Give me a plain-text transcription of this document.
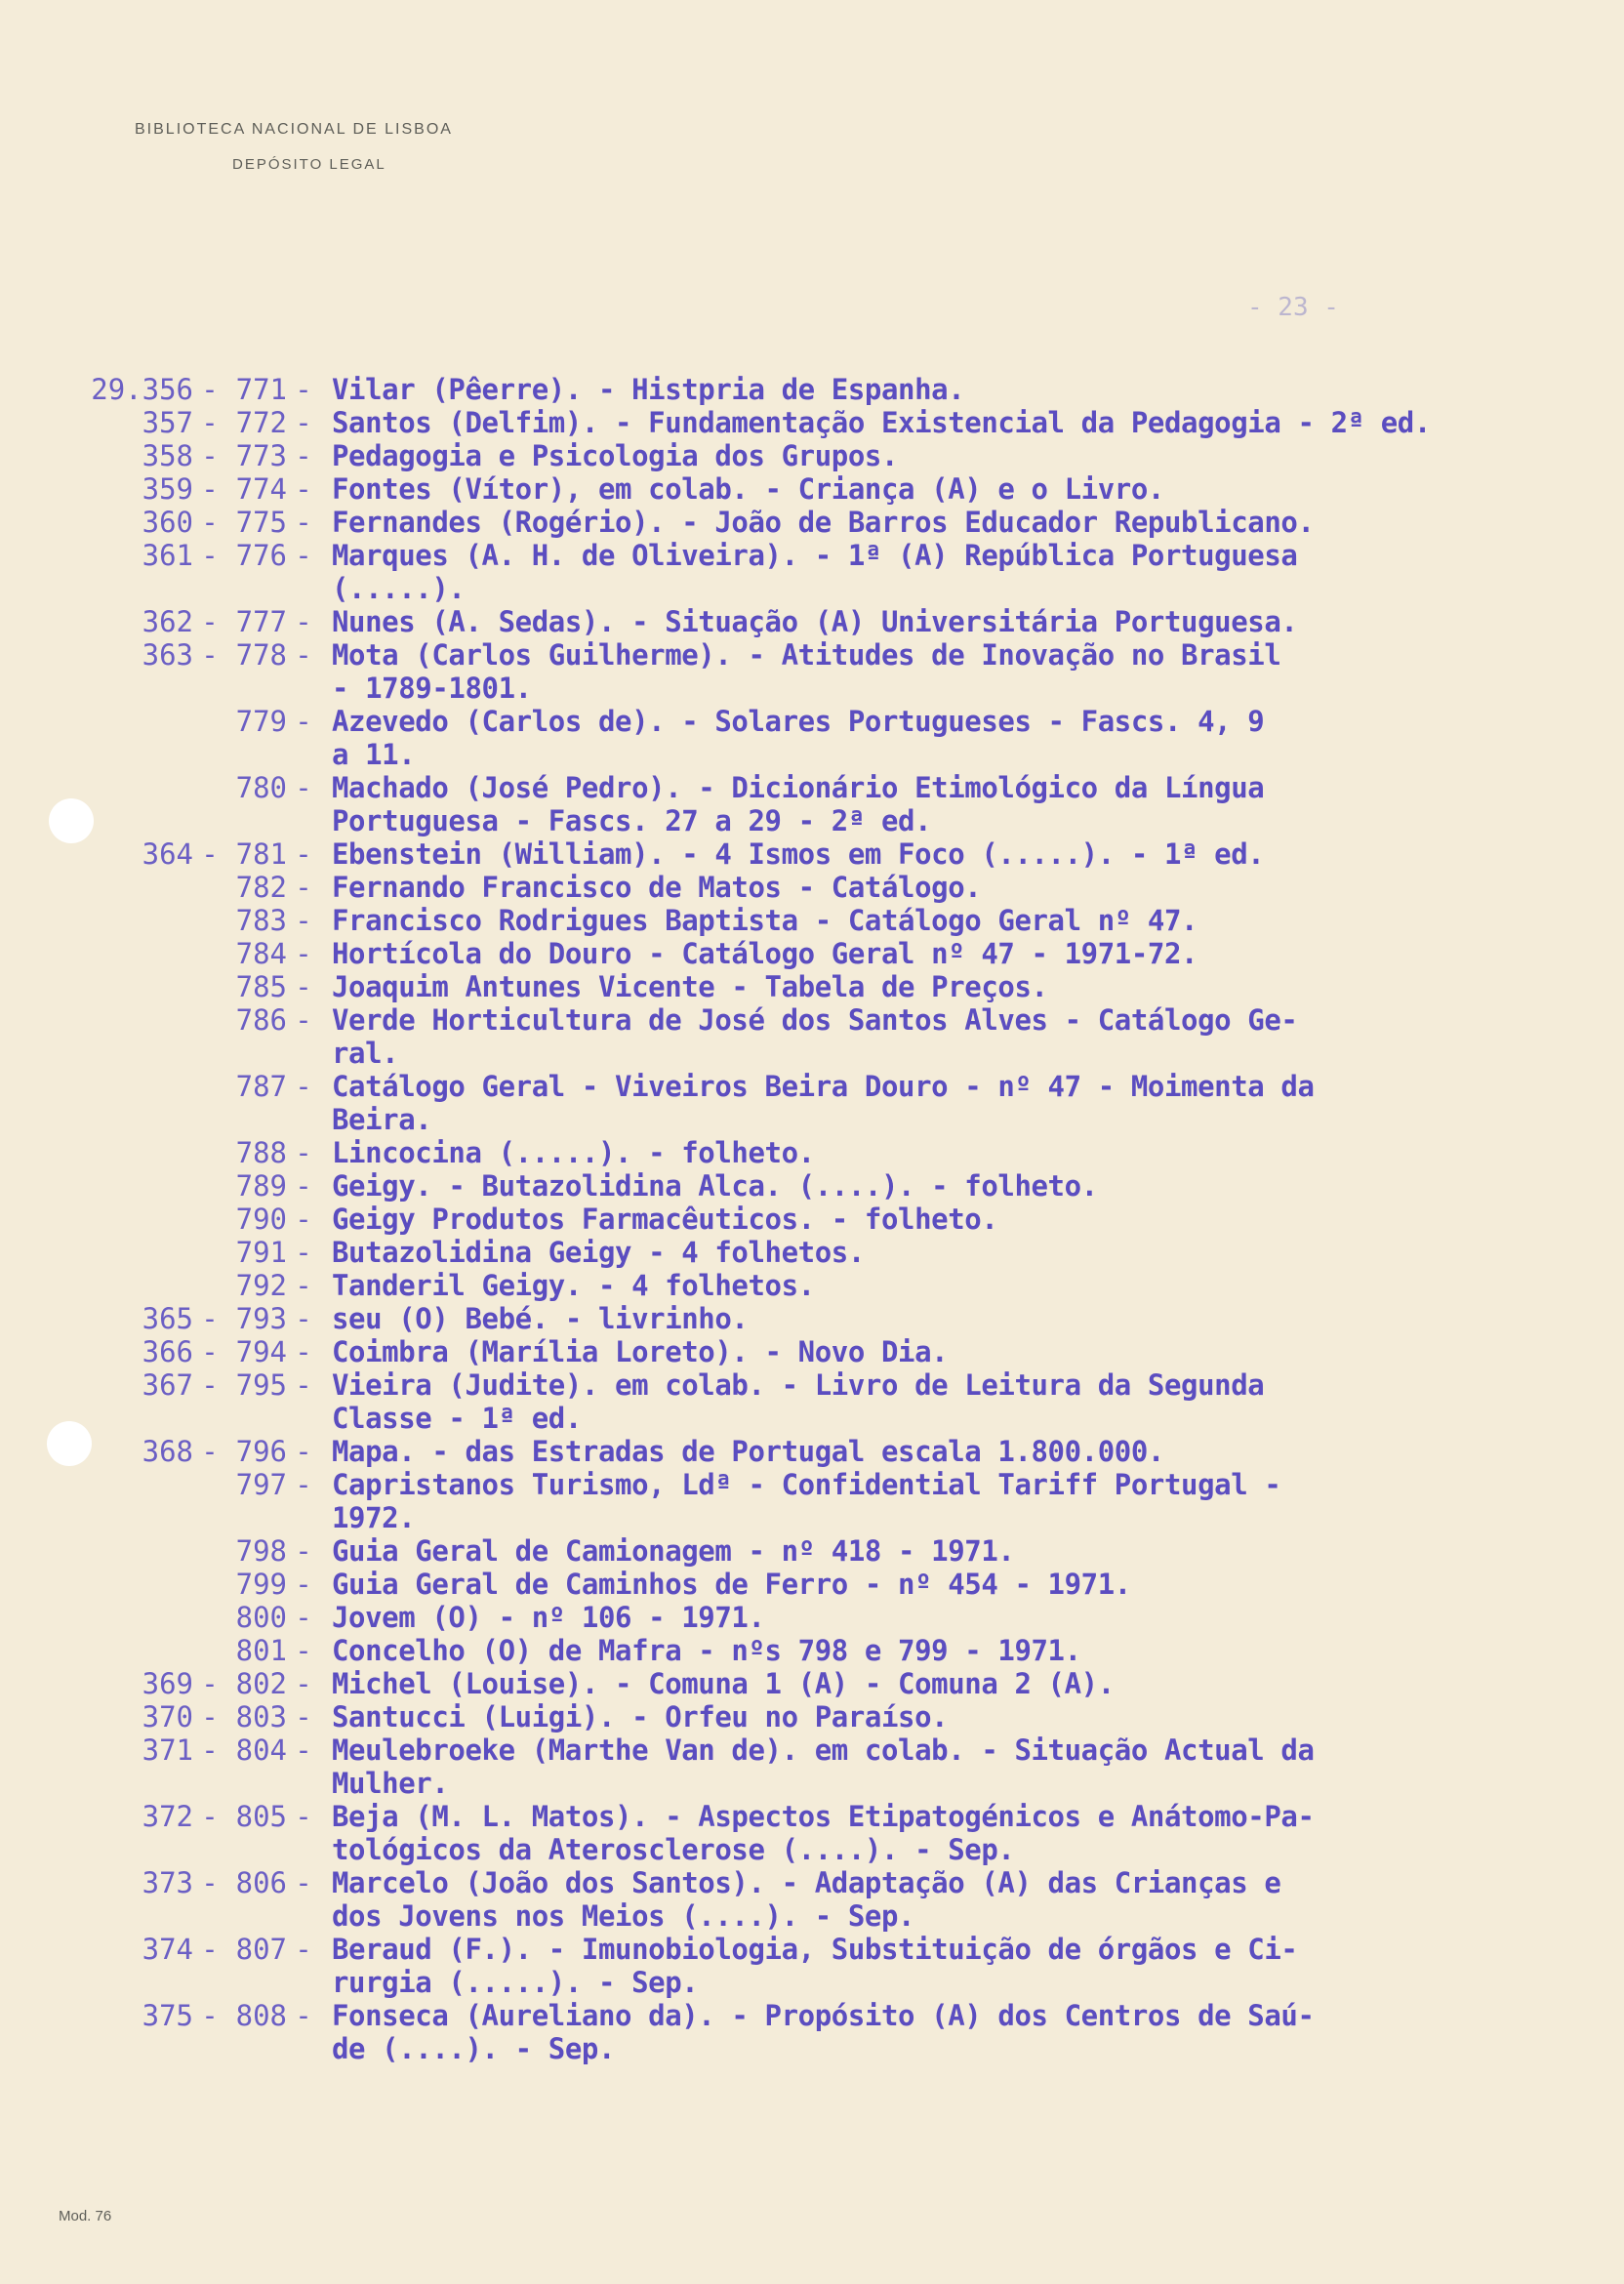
BIBLIOTECA NACIONAL DE LISBOA
DEPÓSITO LEGAL
- 23 -
29.356 - 771 - Vilar (Pêerre). - Histpria de Espanha.
357 - 772 - Santos (Delfim). - Fundamentação Existencial da Pedagogia - 2ª ed.
358 - 773 - Pedagogia e Psicologia dos Grupos.
359 - 774 - Fontes (Vítor), em colab. - Criança (A) e o Livro.
360 - 775 - Fernandes (Rogério). - João de Barros Educador Republicano.
361 - 776 - Marques (A. H. de Oliveira). - 1ª (A) República Portuguesa
(.....).
362 - 777 - Nunes (A. Sedas). - Situação (A) Universitária Portuguesa.
363 - 778 - Mota (Carlos Guilherme). - Atitudes de Inovação no Brasil
- 1789-1801.
779 - Azevedo (Carlos de). - Solares Portugueses - Fascs. 4, 9
a 11.
780 - Machado (José Pedro). - Dicionário Etimológico da Língua
Portuguesa - Fascs. 27 a 29 - 2ª ed.
364 - 781 - Ebenstein (William). - 4 Ismos em Foco (.....). - 1ª ed.
782 - Fernando Francisco de Matos - Catálogo.
783 - Francisco Rodrigues Baptista - Catálogo Geral nº 47.
784 - Hortícola do Douro - Catálogo Geral nº 47 - 1971-72.
785 - Joaquim Antunes Vicente - Tabela de Preços.
786 - Verde Horticultura de José dos Santos Alves - Catálogo Ge-
ral.
787 - Catálogo Geral - Viveiros Beira Douro - nº 47 - Moimenta da
Beira.
788 - Lincocina (.....). - folheto.
789 - Geigy. - Butazolidina Alca. (....). - folheto.
790 - Geigy Produtos Farmacêuticos. - folheto.
791 - Butazolidina Geigy - 4 folhetos.
792 - Tanderil Geigy. - 4 folhetos.
365 - 793 - seu (O) Bebé. - livrinho.
366 - 794 - Coimbra (Marília Loreto). - Novo Dia.
367 - 795 - Vieira (Judite). em colab. - Livro de Leitura da Segunda
Classe - 1ª ed.
368 - 796 - Mapa. - das Estradas de Portugal escala 1.800.000.
797 - Capristanos Turismo, Ldª - Confidential Tariff Portugal -
1972.
798 - Guia Geral de Camionagem - nº 418 - 1971.
799 - Guia Geral de Caminhos de Ferro - nº 454 - 1971.
800 - Jovem (O) - nº 106 - 1971.
801 - Concelho (O) de Mafra - nºs 798 e 799 - 1971.
369 - 802 - Michel (Louise). - Comuna 1 (A) - Comuna 2 (A).
370 - 803 - Santucci (Luigi). - Orfeu no Paraíso.
371 - 804 - Meulebroeke (Marthe Van de). em colab. - Situação Actual da
Mulher.
372 - 805 - Beja (M. L. Matos). - Aspectos Etipatogénicos e Anátomo-Pa-
tológicos da Aterosclerose (....). - Sep.
373 - 806 - Marcelo (João dos Santos). - Adaptação (A) das Crianças e
dos Jovens nos Meios (....). - Sep.
374 - 807 - Beraud (F.). - Imunobiologia, Substituição de órgãos e Ci-
rurgia (.....). - Sep.
375 - 808 - Fonseca (Aureliano da). - Propósito (A) dos Centros de Saú-
de (....). - Sep.
Mod. 76
